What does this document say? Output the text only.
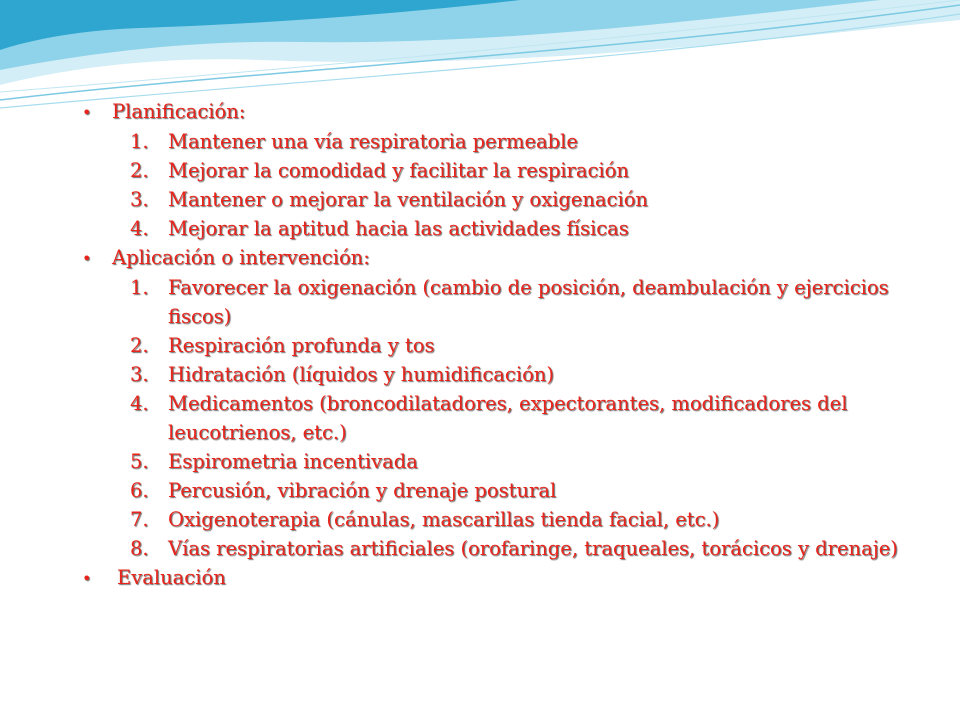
•	Planificación:
1. Mantener una vía respiratoria permeable
2. Mejorar la comodidad y facilitar la respiración
3. Mantener o mejorar la ventilación y oxigenación
4. Mejorar la aptitud hacia las actividades físicas
•	Aplicación o intervención:
1. Favorecer la oxigenación (cambio de posición, deambulación y ejercicios fiscos)
2. Respiración profunda y tos
3. Hidratación (líquidos y humidificación)
4. Medicamentos (broncodilatadores, expectorantes, modificadores del leucotrienos, etc.)
5. Espirometria incentivada
6. Percusión, vibración y drenaje postural
7. Oxigenoterapia (cánulas, mascarillas tienda facial, etc.)
8. Vías respiratorias artificiales (orofaringe, traqueales, torácicos y drenaje)
•	Evaluación
